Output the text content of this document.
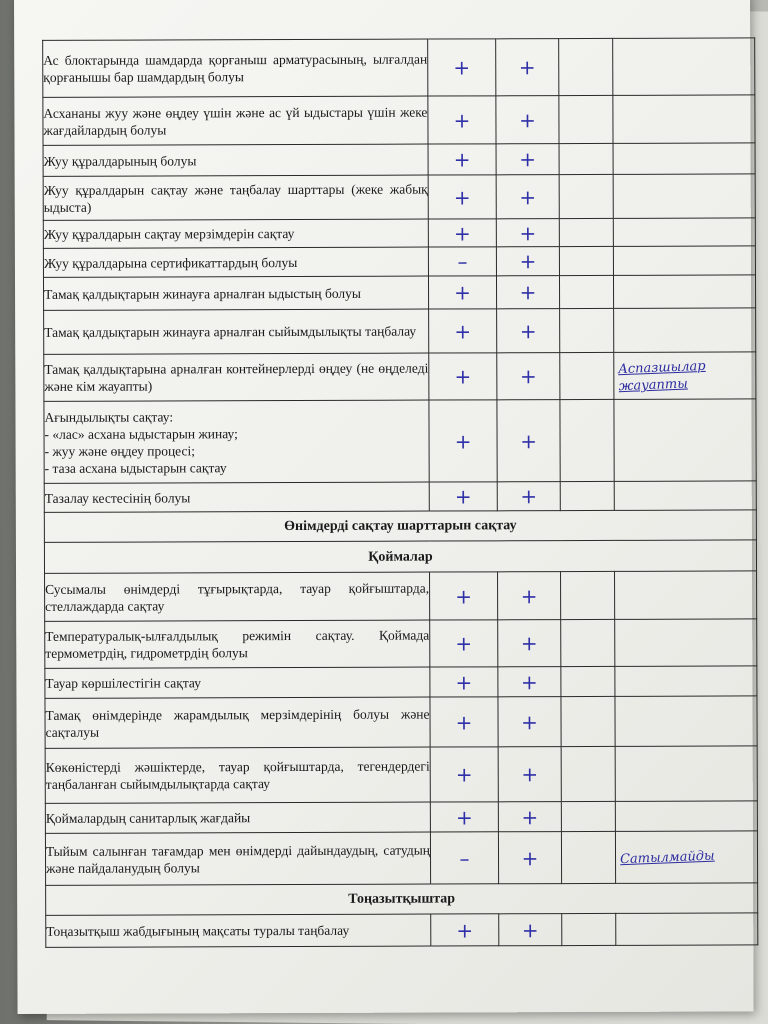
Ас блоктарында шамдарда қорғаныш арматурасының, ылғалдан қорғанышы бар шамдардың болуы	+	+		

Асхананы жуу және өңдеу үшін және ас үй ыдыстары үшін жеке жағдайлардың болуы	+	+		

Жуу құралдарының болуы	+	+		

Жуу құралдарын сақтау және таңбалау шарттары (жеке жабық ыдыста)	+	+		

Жуу құралдарын сақтау мерзімдерін сақтау	+	+		

Жуу құралдарына сертификаттардың болуы	–	+		

Тамақ қалдықтарын жинауға арналған ыдыстың болуы	+	+		

Тамақ қалдықтарын жинауға арналған сыйымдылықты таңбалау	+	+		

Тамақ қалдықтарына арналған контейнерлерді өңдеу (не өңделеді және кім жауапты)	+	+		Аспазшылар
жауапты

Ағындылықты сақтау:
- «лас» асхана ыдыстарын жинау;
- жуу және өңдеу процесі;
- таза асхана ыдыстарын сақтау	+	+		

Тазалау кестесінің болуы	+	+		

Өнімдерді сақтау шарттарын сақтау				
Қоймалар				

Сусымалы өнімдерді тұғырықтарда, тауар қойғыштарда, стеллаждарда сақтау	+	+		

Температуралық-ылғалдылық режимін сақтау. Қоймада термометрдің, гидрометрдің болуы	+	+		

Тауар көршілестігін сақтау	+	+		

Тамақ өнімдерінде жарамдылық мерзімдерінің болуы және сақталуы	+	+		

Көкөністерді жәшіктерде, тауар қойғыштарда, тегендердегі таңбаланған сыйымдылықтарда сақтау	+	+		

Қоймалардың санитарлық жағдайы	+	+		

Тыйым салынған тағамдар мен өнімдерді дайындаудың, сатудың және пайдаланудың болуы	–	+		Сатылмайды

Тоңазытқыштар				

Тоңазытқыш жабдығының мақсаты туралы таңбалау	+	+		
